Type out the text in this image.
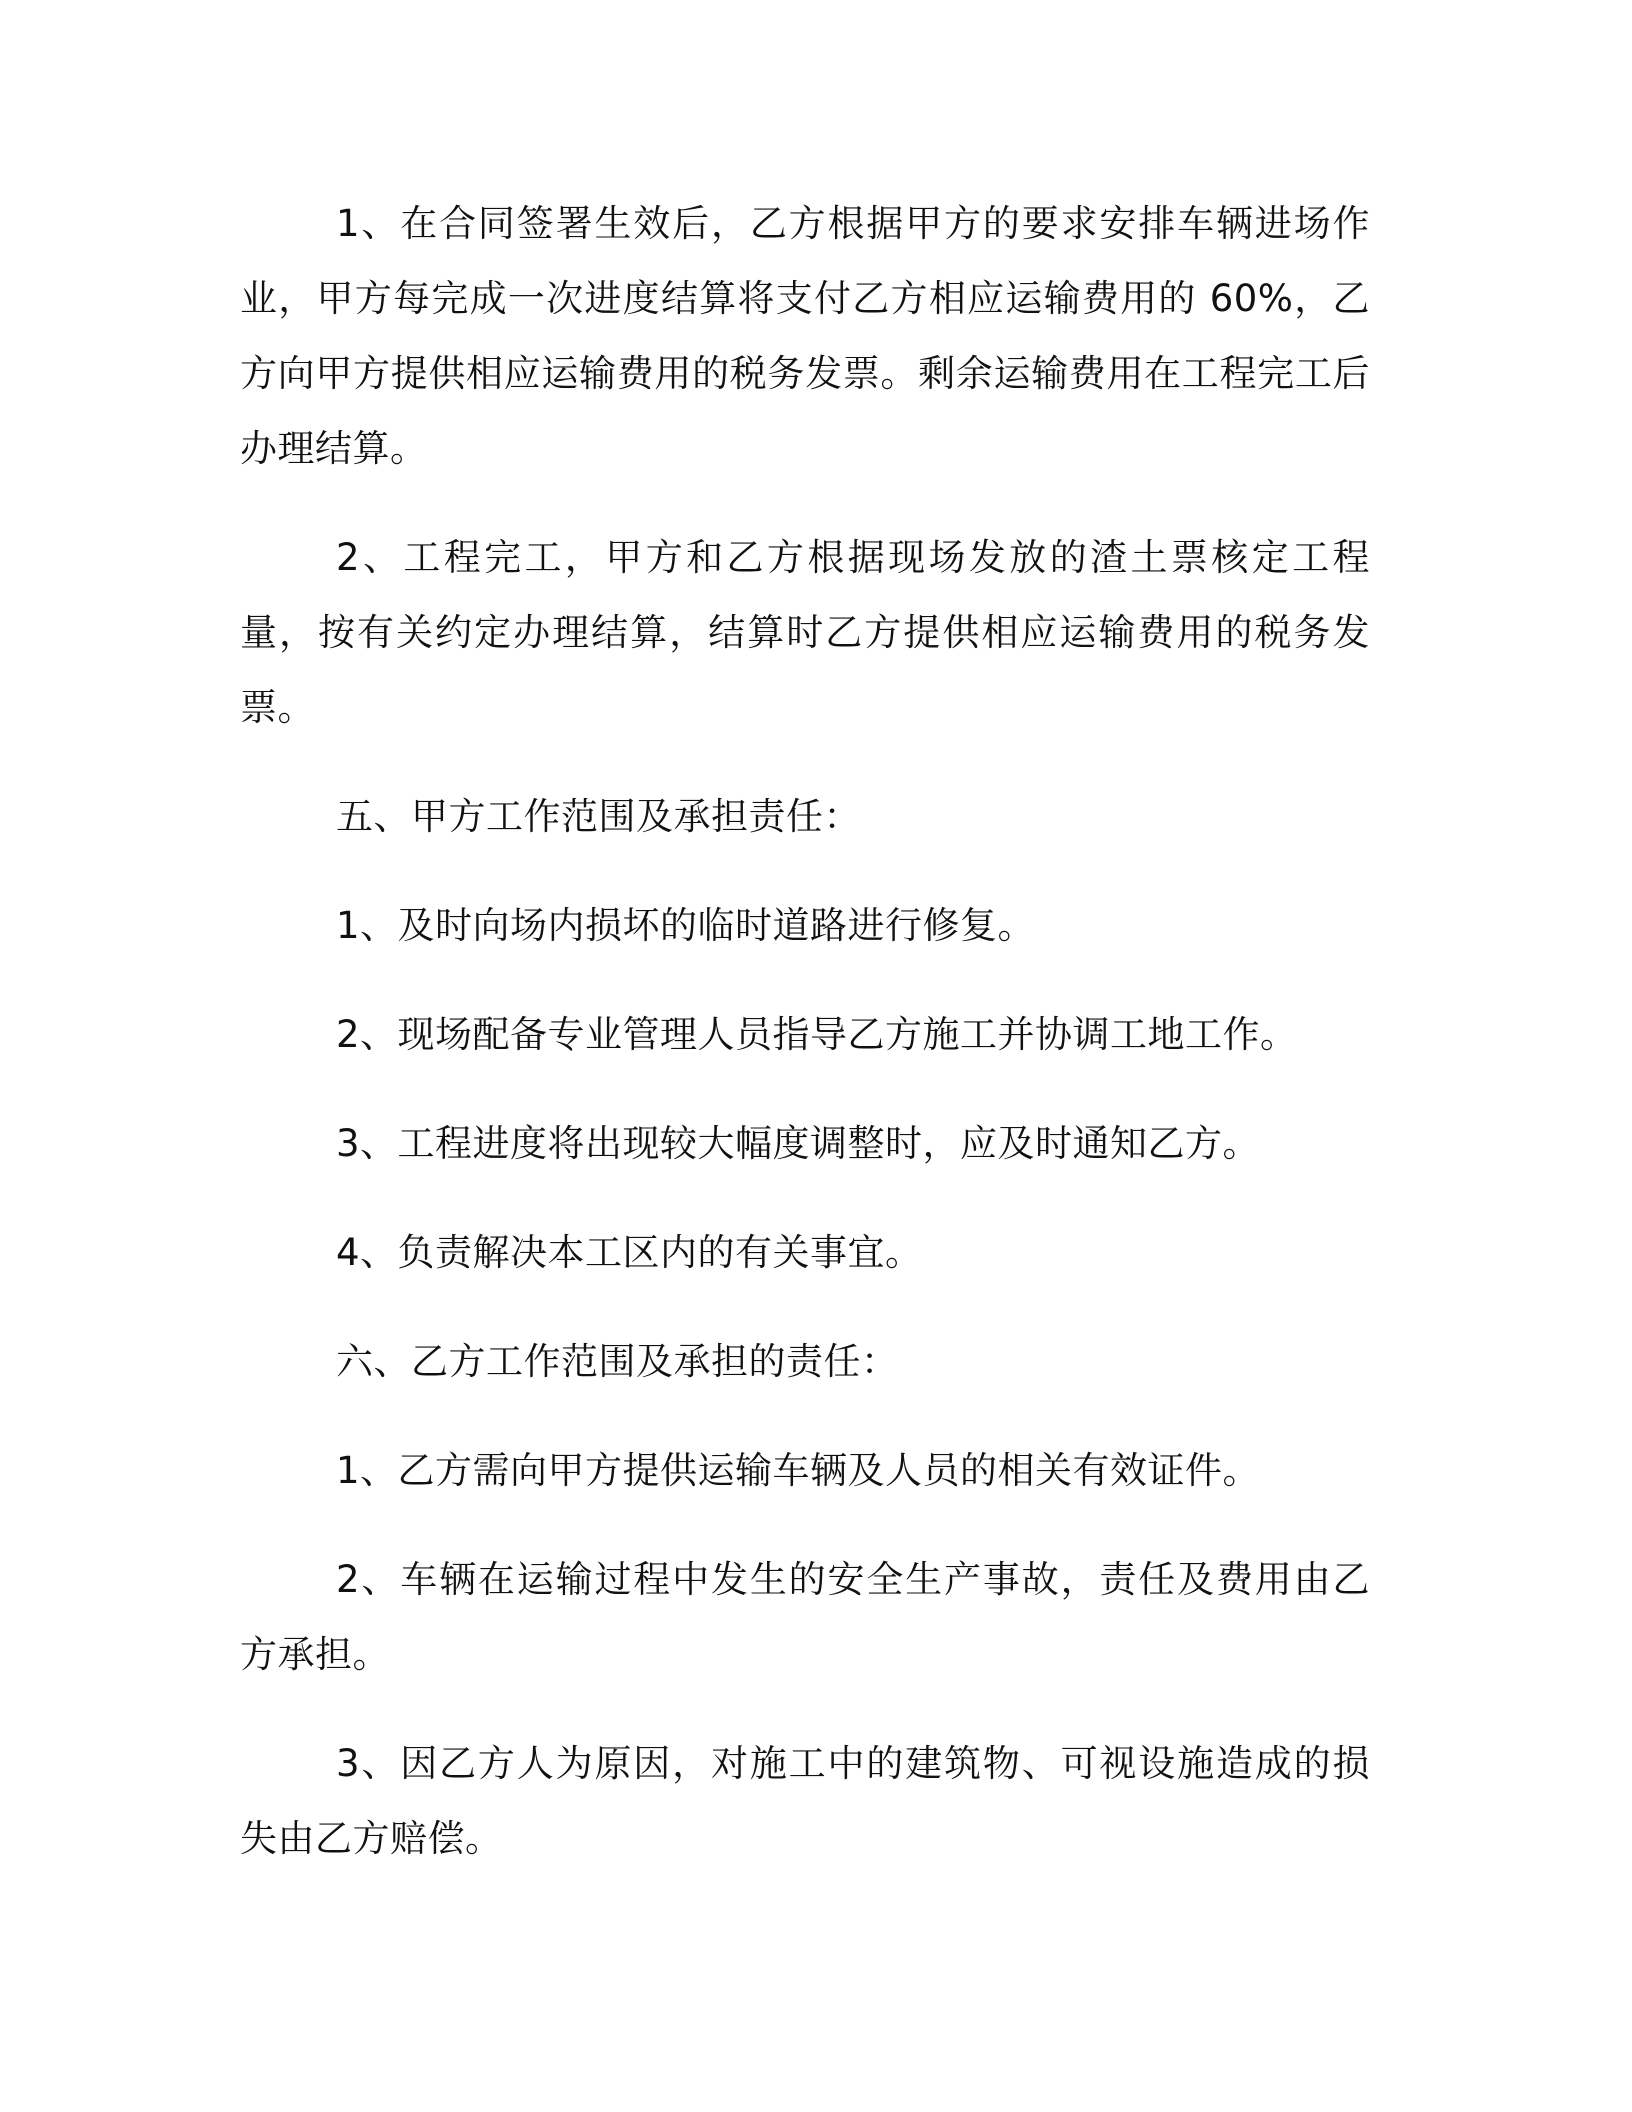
1、在合同签署生效后，乙方根据甲方的要求安排车辆进场作业，甲方每完成一次进度结算将支付乙方相应运输费用的 60%，乙方向甲方提供相应运输费用的税务发票。剩余运输费用在工程完工后办理结算。

2、工程完工，甲方和乙方根据现场发放的渣土票核定工程量，按有关约定办理结算，结算时乙方提供相应运输费用的税务发票。

五、甲方工作范围及承担责任：

1、及时向场内损坏的临时道路进行修复。

2、现场配备专业管理人员指导乙方施工并协调工地工作。

3、工程进度将出现较大幅度调整时，应及时通知乙方。

4、负责解决本工区内的有关事宜。

六、乙方工作范围及承担的责任：

1、乙方需向甲方提供运输车辆及人员的相关有效证件。

2、车辆在运输过程中发生的安全生产事故，责任及费用由乙方承担。

3、因乙方人为原因，对施工中的建筑物、可视设施造成的损失由乙方赔偿。
